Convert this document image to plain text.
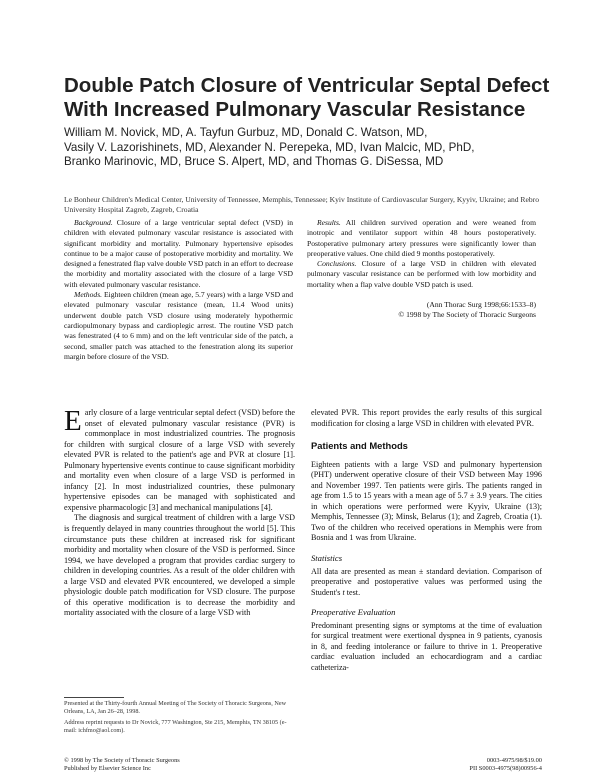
Double Patch Closure of Ventricular Septal Defect
With Increased Pulmonary Vascular Resistance
William M. Novick, MD, A. Tayfun Gurbuz, MD, Donald C. Watson, MD,
Vasily V. Lazorishinets, MD, Alexander N. Perepeka, MD, Ivan Malcic, MD, PhD,
Branko Marinovic, MD, Bruce S. Alpert, MD, and Thomas G. DiSessa, MD
Le Bonheur Children's Medical Center, University of Tennessee, Memphis, Tennessee; Kyiv Institute of Cardiovascular Surgery, Kyyiv, Ukraine; and Rebro University Hospital Zagreb, Zagreb, Croatia

Background. Closure of a large ventricular septal defect (VSD) in children with elevated pulmonary vascular resistance is associated with significant morbidity and mortality. Pulmonary hypertensive episodes continue to be a major cause of postoperative morbidity and mortality. We designed a fenestrated flap valve double VSD patch in an effort to decrease the morbidity and mortality associated with the closure of a large VSD with elevated pulmonary vascular resistance.

Methods. Eighteen children (mean age, 5.7 years) with a large VSD and elevated pulmonary vascular resistance (mean, 11.4 Wood units) underwent double patch VSD closure using moderately hypothermic cardiopulmonary bypass and cardioplegic arrest. The routine VSD patch was fenestrated (4 to 6 mm) and on the left ventricular side of the patch, a second, smaller patch was attached to the fenestration along its superior margin before closure of the VSD.

Results. All children survived operation and were weaned from inotropic and ventilator support within 48 hours postoperatively. Postoperative pulmonary artery pressures were significantly lower than preoperative values. One child died 9 months postoperatively.

Conclusions. Closure of a large VSD in children with elevated pulmonary vascular resistance can be performed with low morbidity and mortality when a flap valve double VSD patch is used.

(Ann Thorac Surg 1998;66:1533–8)

© 1998 by The Society of Thoracic Surgeons

Early closure of a large ventricular septal defect (VSD) before the onset of elevated pulmonary vascular resistance (PVR) is commonplace in most industrialized countries. The prognosis for children with surgical closure of a large VSD with severely elevated PVR is related to the patient's age and PVR at closure [1]. Pulmonary hypertensive events continue to cause significant morbidity and mortality even when closure of a large VSD is performed in infancy [2]. In most industrialized countries, these pulmonary hypertensive episodes can be managed with sophisticated and expensive pharmacologic [3] and mechanical manipulations [4].

The diagnosis and surgical treatment of children with a large VSD is frequently delayed in many countries throughout the world [5]. This circumstance puts these children at increased risk for significant morbidity and mortality when closure of the VSD is performed. Since 1994, we have developed a program that provides cardiac surgery to children in developing countries. As a result of the older children with a large VSD and elevated PVR encountered, we developed a simple physiologic double patch modification for VSD closure. The purpose of this operative modification is to decrease the morbidity and mortality associated with the closure of a large VSD with

elevated PVR. This report provides the early results of this surgical modification for closing a large VSD in children with elevated PVR.

Patients and Methods

Eighteen patients with a large VSD and pulmonary hypertension (PHT) underwent operative closure of their VSD between May 1996 and November 1997. Ten patients were girls. The patients ranged in age from 1.5 to 15 years with a mean age of 5.7 ± 3.9 years. The cities in which operations were performed were Kyyiv, Ukraine (13); Memphis, Tennessee (3); Minsk, Belarus (1); and Zagreb, Croatia (1). Two of the children who received operations in Memphis were from Bosnia and 1 was from Ukraine.

Statistics

All data are presented as mean ± standard deviation. Comparison of preoperative and postoperative values was performed using the Student's t test.

Preoperative Evaluation

Predominant presenting signs or symptoms at the time of evaluation for surgical treatment were exertional dyspnea in 9 patients, cyanosis in 8, and feeding intolerance or failure to thrive in 1. Preoperative cardiac evaluation included an echocardiogram and a cardiac catheteriza-

Presented at the Thirty-fourth Annual Meeting of The Society of Thoracic Surgeons, New Orleans, LA, Jan 26–28, 1998.
Address reprint requests to Dr Novick, 777 Washington, Ste 215, Memphis, TN 38105 (e-mail: ichfmo@aol.com).
© 1998 by The Society of Thoracic Surgeons
Published by Elsevier Science Inc
0003-4975/98/$19.00
PII S0003-4975(98)00956-4
